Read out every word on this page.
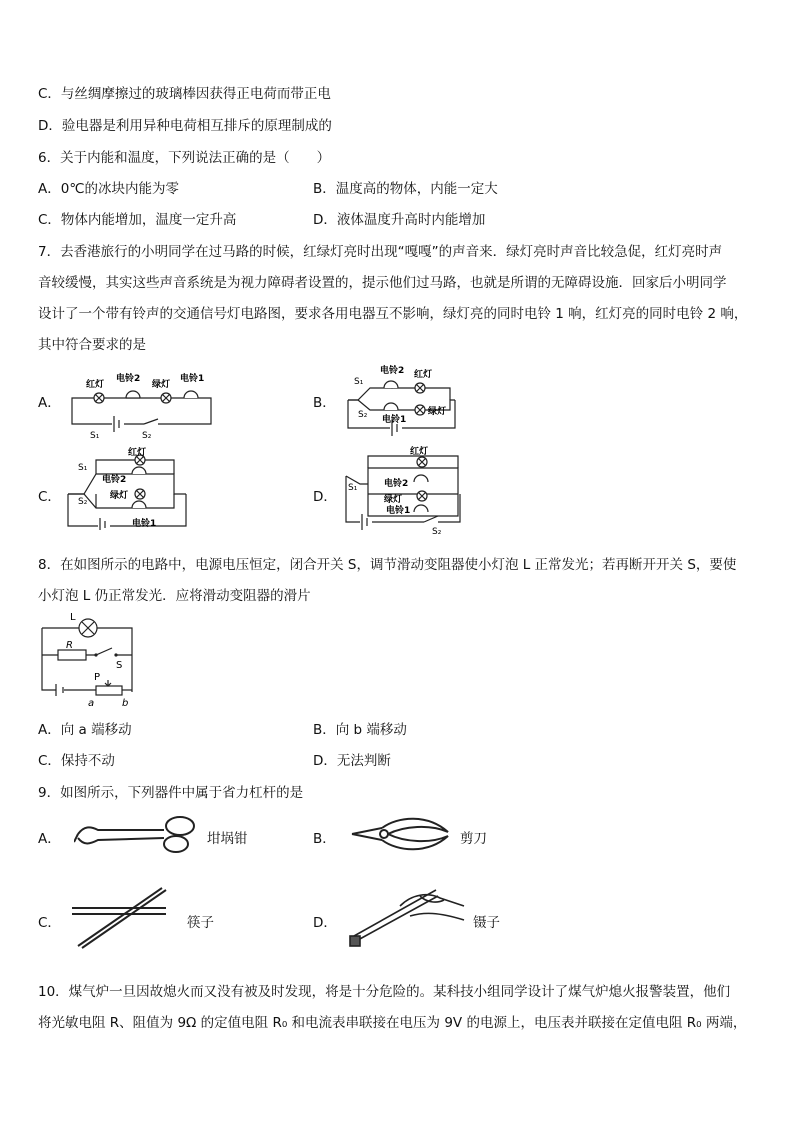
C．与丝绸摩擦过的玻璃棒因获得正电荷而带正电
D．验电器是利用异种电荷相互排斥的原理制成的
6．关于内能和温度，下列说法正确的是（　　）
A．0℃的冰块内能为零	B．温度高的物体，内能一定大
C．物体内能增加，温度一定升高	D．液体温度升高时内能增加
7．去香港旅行的小明同学在过马路的时候，红绿灯亮时出现“嘎嘎”的声音来．绿灯亮时声音比较急促，红灯亮时声
音较缓慢，其实这些声音系统是为视力障碍者设置的，提示他们过马路，也就是所谓的无障碍设施．回家后小明同学
设计了一个带有铃声的交通信号灯电路图，要求各用电器互不影响，绿灯亮的同时电铃 1 响，红灯亮的同时电铃 2 响，
其中符合要求的是
A．	B．
C．	D．
红灯
电铃2
绿灯
电铃1
S₁	S₂
电铃2 红灯
S₁
S₂ 电铃1
绿灯
红灯
电铃2
绿灯
电铃1
S₁
S₂
红灯
电铃2
绿灯
电铃1
S₁
S₂
8．在如图所示的电路中，电源电压恒定，闭合开关 S，调节滑动变阻器使小灯泡 L 正常发光；若再断开开关 S，要使
小灯泡 L 仍正常发光．应将滑动变阻器的滑片
L
R
S
P
a	b
A．向 a 端移动	B．向 b 端移动
C．保持不动	D．无法判断
9．如图所示，下列器件中属于省力杠杆的是
A．	坩埚钳	B．	剪刀
C．	筷子	D．	镊子
10．煤气炉一旦因故熄火而又没有被及时发现，将是十分危险的。某科技小组同学设计了煤气炉熄火报警装置，他们
将光敏电阻 R、阻值为 9Ω 的定值电阻 R₀ 和电流表串联接在电压为 9V 的电源上，电压表并联接在定值电阻 R₀ 两端，
